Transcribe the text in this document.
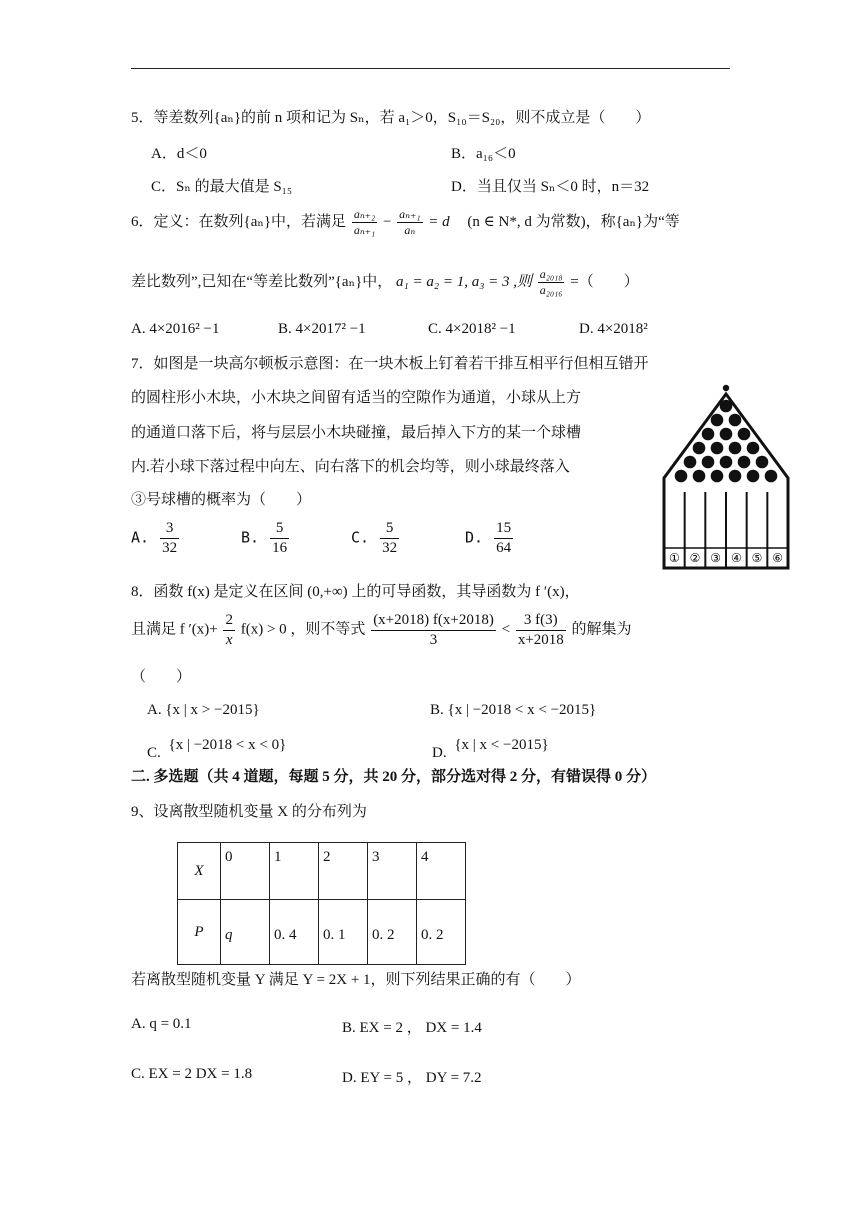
5．等差数列{aₙ}的前 n 项和记为 Sₙ，若 a₁＞0，S₁₀＝S₂₀，则不成立是（　　）
A．d＜0	B．a₁₆＜0
C．Sₙ 的最大值是 S₁₅	D．当且仅当 Sₙ＜0 时，n＝32
6．定义：在数列{aₙ}中，若满足 $\frac{\text{aₙ₊₂}}{\text{aₙ₊₁}} - \frac{\text{aₙ₊₁}}{\text{aₙ}} = d$ (n ∈ N*, d 为常数)，称{aₙ}为“等
差比数列”,已知在“等差比数列”{aₙ}中， a₁ = a₂ = 1, a₃ = 3 ,则 $\frac{\text{a₂₀₁₈}}{\text{a₂₀₁₆}}$ =（　　）
A. 4×2016² −1	B. 4×2017² −1	C. 4×2018² −1	D. 4×2018²
7．如图是一块高尔顿板示意图：在一块木板上钉着若干排互相平行但相互错开
的圆柱形小木块，小木块之间留有适当的空隙作为通道，小球从上方
的通道口落下后，将与层层小木块碰撞，最后掉入下方的某一个球槽
内.若小球下落过程中向左、向右落下的机会均等，则小球最终落入
③号球槽的概率为（　　）
A. $\frac{3}{32}$	B. $\frac{5}{16}$	C. $\frac{5}{32}$	D. $\frac{15}{64}$
① ② ③ ④ ⑤ ⑥
8．函数 f(x) 是定义在区间 (0,+∞) 上的可导函数，其导函数为 f ′(x)，
且满足 f $'(x)+ \frac{2}{x} f(x) > 0$ ，则不等式 $\frac{(x+2018) f(x+2018)}{3} < \frac{3 f(3)}{x+2018}$ 的解集为
（　　）
A. {x | x > −2015}	B. {x | −2018 < x < −2015}
C. {x | −2018 < x < 0}	D. {x | x < −2015}
二. 多选题（共 4 道题，每题 5 分，共 20 分，部分选对得 2 分，有错误得 0 分）
9、设离散型随机变量 X 的分布列为
X	0	1	2	3	4
P	q	0. 4	0. 1	0. 2	0. 2
若离散型随机变量 Y 满足 Y = 2X + 1，则下列结果正确的有（　　）
A. q = 0.1	B. EX = 2 ， DX = 1.4
C. EX = 2 DX = 1.8	D. EY = 5 ， DY = 7.2
